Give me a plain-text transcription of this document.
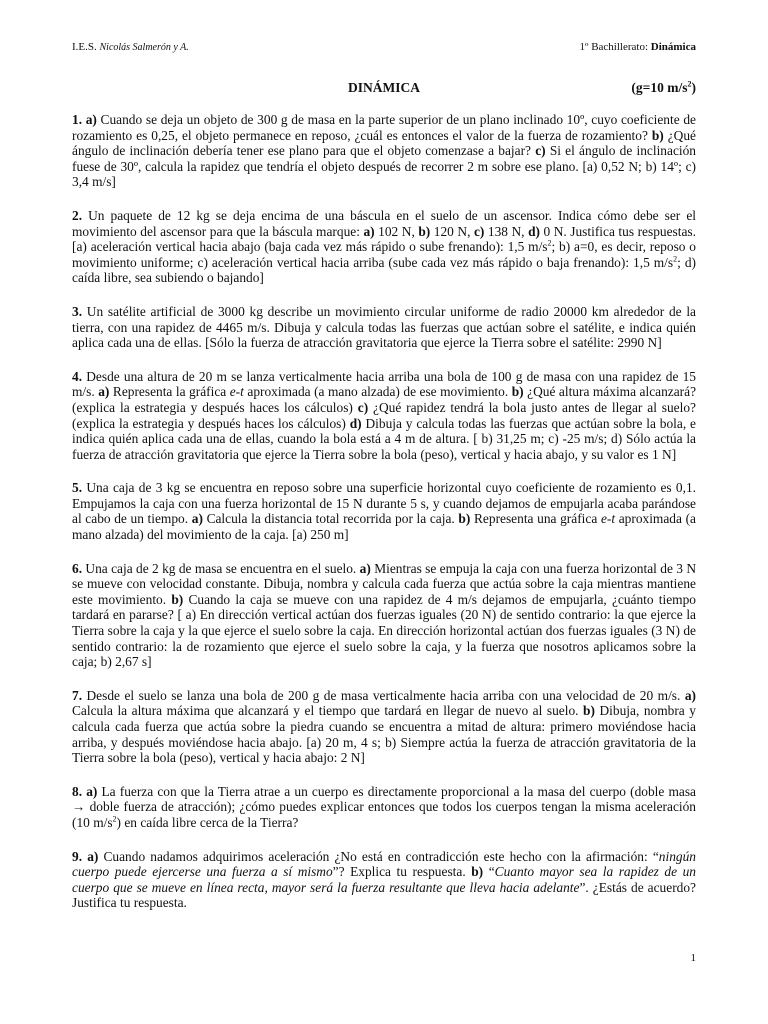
I.E.S. Nicolás Salmerón y A.	1º Bachillerato: Dinámica
DINÁMICA	(g=10 $m/s^2$)

1. a) Cuando se deja un objeto de 300 g de masa en la parte superior de un plano inclinado 10º, cuyo coeficiente de rozamiento es 0,25, el objeto permanece en reposo, ¿cuál es entonces el valor de la fuerza de rozamiento? b) ¿Qué ángulo de inclinación debería tener ese plano para que el objeto comenzase a bajar? c) Si el ángulo de inclinación fuese de 30º, calcula la rapidez que tendría el objeto después de recorrer 2 m sobre ese plano. [a) 0,52 N; b) 14º; c) 3,4 m/s]

2. Un paquete de 12 kg se deja encima de una báscula en el suelo de un ascensor. Indica cómo debe ser el movimiento del ascensor para que la báscula marque: a) 102 N, b) 120 N, c) 138 N, d) 0 N. Justifica tus respuestas. [a) aceleración vertical hacia abajo (baja cada vez más rápido o sube frenando): 1,5 $m/s^2$; b) a=0, es decir, reposo o movimiento uniforme; c) aceleración vertical hacia arriba (sube cada vez más rápido o baja frenando): 1,5 $m/s^2$; d) caída libre, sea subiendo o bajando]

3. Un satélite artificial de 3000 kg describe un movimiento circular uniforme de radio 20000 km alrededor de la tierra, con una rapidez de 4465 m/s. Dibuja y calcula todas las fuerzas que actúan sobre el satélite, e indica quién aplica cada una de ellas. [Sólo la fuerza de atracción gravitatoria que ejerce la Tierra sobre el satélite: 2990 N]

4. Desde una altura de 20 m se lanza verticalmente hacia arriba una bola de 100 g de masa con una rapidez de 15 m/s. a) Representa la gráfica e-t aproximada (a mano alzada) de ese movimiento. b) ¿Qué altura máxima alcanzará? (explica la estrategia y después haces los cálculos) c) ¿Qué rapidez tendrá la bola justo antes de llegar al suelo? (explica la estrategia y después haces los cálculos) d) Dibuja y calcula todas las fuerzas que actúan sobre la bola, e indica quién aplica cada una de ellas, cuando la bola está a 4 m de altura. [ b) 31,25 m; c) -25 m/s; d) Sólo actúa la fuerza de atracción gravitatoria que ejerce la Tierra sobre la bola (peso), vertical y hacia abajo, y su valor es 1 N]

5. Una caja de 3 kg se encuentra en reposo sobre una superficie horizontal cuyo coeficiente de rozamiento es 0,1. Empujamos la caja con una fuerza horizontal de 15 N durante 5 s, y cuando dejamos de empujarla acaba parándose al cabo de un tiempo. a) Calcula la distancia total recorrida por la caja. b) Representa una gráfica e-t aproximada (a mano alzada) del movimiento de la caja. [a) 250 m]

6. Una caja de 2 kg de masa se encuentra en el suelo. a) Mientras se empuja la caja con una fuerza horizontal de 3 N se mueve con velocidad constante. Dibuja, nombra y calcula cada fuerza que actúa sobre la caja mientras mantiene este movimiento. b) Cuando la caja se mueve con una rapidez de 4 m/s dejamos de empujarla, ¿cuánto tiempo tardará en pararse? [ a) En dirección vertical actúan dos fuerzas iguales (20 N) de sentido contrario: la que ejerce la Tierra sobre la caja y la que ejerce el suelo sobre la caja. En dirección horizontal actúan dos fuerzas iguales (3 N) de sentido contrario: la de rozamiento que ejerce el suelo sobre la caja, y la fuerza que nosotros aplicamos sobre la caja; b) 2,67 s]

7. Desde el suelo se lanza una bola de 200 g de masa verticalmente hacia arriba con una velocidad de 20 m/s. a) Calcula la altura máxima que alcanzará y el tiempo que tardará en llegar de nuevo al suelo. b) Dibuja, nombra y calcula cada fuerza que actúa sobre la piedra cuando se encuentra a mitad de altura: primero moviéndose hacia arriba, y después moviéndose hacia abajo. [a) 20 m, 4 s; b) Siempre actúa la fuerza de atracción gravitatoria de la Tierra sobre la bola (peso), vertical y hacia abajo: 2 N]

8. a) La fuerza con que la Tierra atrae a un cuerpo es directamente proporcional a la masa del cuerpo (doble masa → doble fuerza de atracción); ¿cómo puedes explicar entonces que todos los cuerpos tengan la misma aceleración (10 $m/s^2$) en caída libre cerca de la Tierra?

9. a) Cuando nadamos adquirimos aceleración ¿No está en contradicción este hecho con la afirmación: “ningún cuerpo puede ejercerse una fuerza a sí mismo”? Explica tu respuesta. b) “Cuanto mayor sea la rapidez de un cuerpo que se mueve en línea recta, mayor será la fuerza resultante que lleva hacia adelante”. ¿Estás de acuerdo? Justifica tu respuesta.

1
